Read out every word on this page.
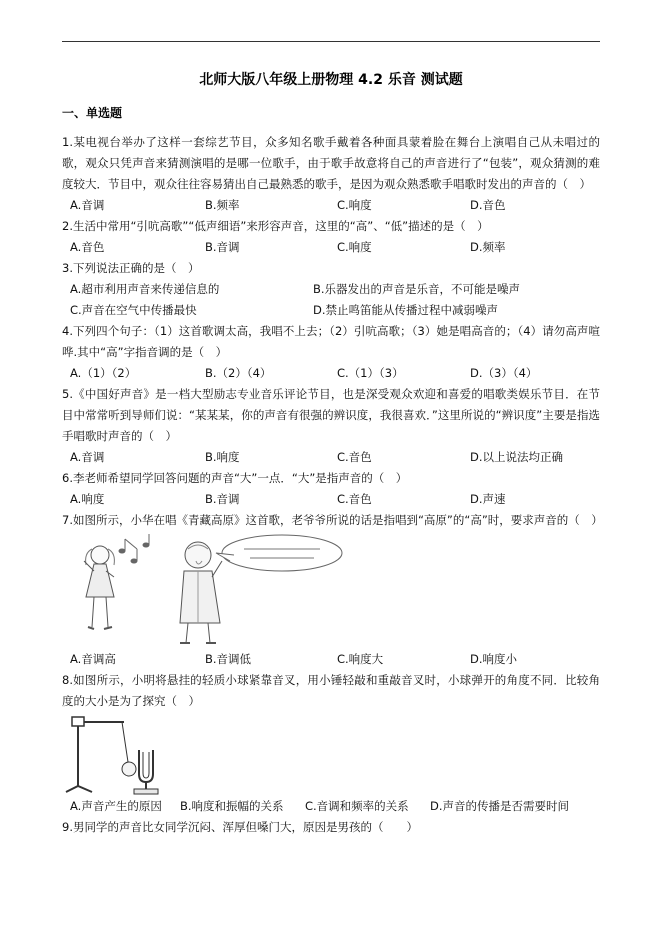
北师大版八年级上册物理 4.2 乐音 测试题
一、单选题
1.某电视台举办了这样一套综艺节目，众多知名歌手戴着各种面具蒙着脸在舞台上演唱自己从未唱过的歌，观众只凭声音来猜测演唱的是哪一位歌手，由于歌手故意将自己的声音进行了“包装”，观众猜测的难度较大．节目中，观众往往容易猜出自己最熟悉的歌手，是因为观众熟悉歌手唱歌时发出的声音的（　）
A.音调	B.频率	C.响度	D.音色
2.生活中常用“引吭高歌”“低声细语”来形容声音，这里的“高”、“低”描述的是（　）
A.音色	B.音调	C.响度	D.频率
3.下列说法正确的是（　）
A.超市利用声音来传递信息的	B.乐器发出的声音是乐音，不可能是噪声
C.声音在空气中传播最快	D.禁止鸣笛能从传播过程中减弱噪声
4.下列四个句子：（1）这首歌调太高，我唱不上去；（2）引吭高歌；（3）她是唱高音的；（4）请勿高声喧哗.其中“高”字指音调的是（　）
A.（1）（2）	B.（2）（4）	C.（1）（3）	D.（3）（4）
5.《中国好声音》是一档大型励志专业音乐评论节目，也是深受观众欢迎和喜爱的唱歌类娱乐节目．在节目中常常听到导师们说：“某某某，你的声音有很强的辨识度，我很喜欢．”这里所说的“辨识度”主要是指选手唱歌时声音的（　）
A.音调	B.响度	C.音色	D.以上说法均正确
6.李老师希望同学回答问题的声音“大”一点．“大”是指声音的（　）
A.响度	B.音调	C.音色	D.声速
7.如图所示，小华在唱《青藏高原》这首歌，老爷爷所说的话是指唱到“高原”的“高”时，要求声音的（　）
A.音调高	B.音调低	C.响度大	D.响度小
8.如图所示，小明将悬挂的轻质小球紧靠音叉，用小锤轻敲和重敲音叉时，小球弹开的角度不同．比较角度的大小是为了探究（　）
A.声音产生的原因	B.响度和振幅的关系	C.音调和频率的关系	D.声音的传播是否需要时间
9.男同学的声音比女同学沉闷、浑厚但嗓门大，原因是男孩的（　　）
